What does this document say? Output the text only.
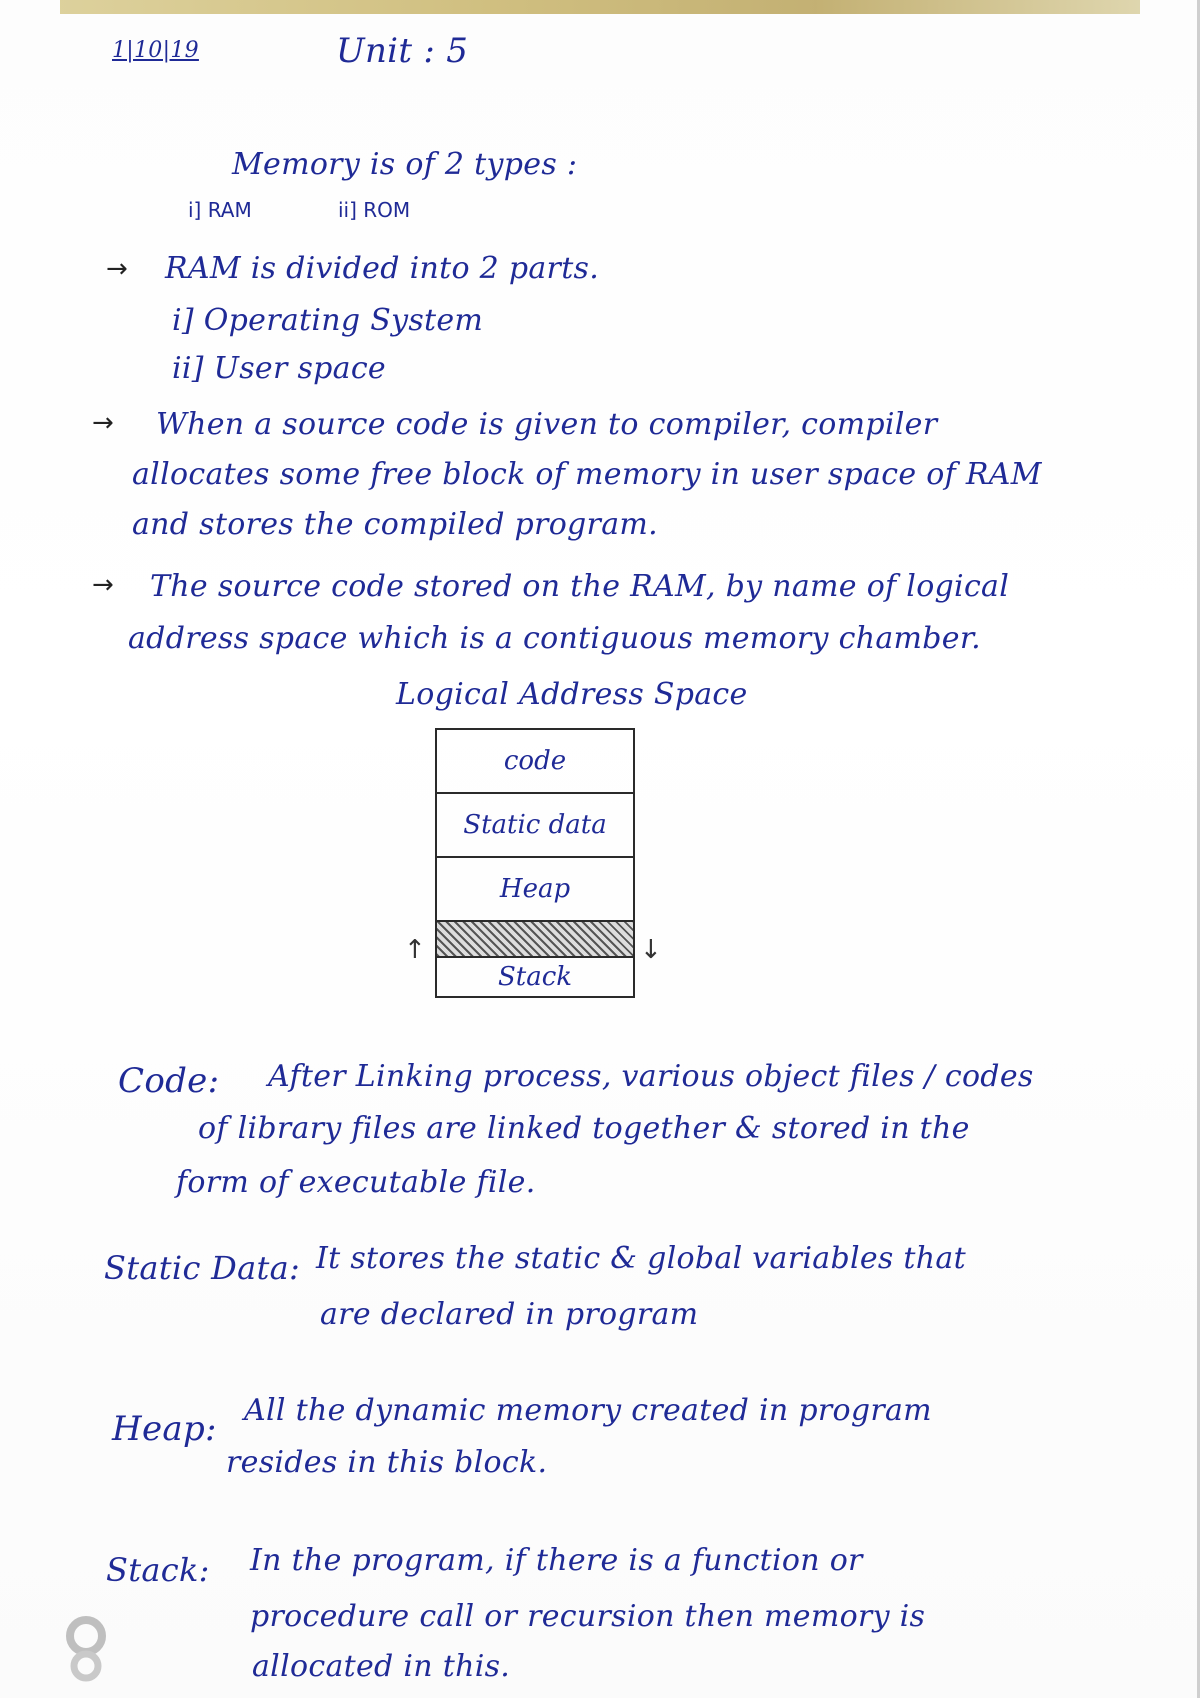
1|10|19	Unit : 5
Memory is of 2 types :
i] RAM	ii] ROM
→ RAM is divided into 2 parts.
i] Operating System
ii] User space
→ When a source code is given to compiler, compiler
allocates some free block of memory in user space of RAM
and stores the compiled program.
→ The source code stored on the RAM, by name of logical
address space which is a contiguous memory chamber.
Logical Address Space
code
Static data
Heap
Stack
↑	↓
Code: After Linking process, various object files / codes
of library files are linked together & stored in the
form of executable file.
Static Data: It stores the static & global variables that
are declared in program
Heap: All the dynamic memory created in program
resides in this block.
Stack: In the program, if there is a function or
procedure call or recursion then memory is
allocated in this.
